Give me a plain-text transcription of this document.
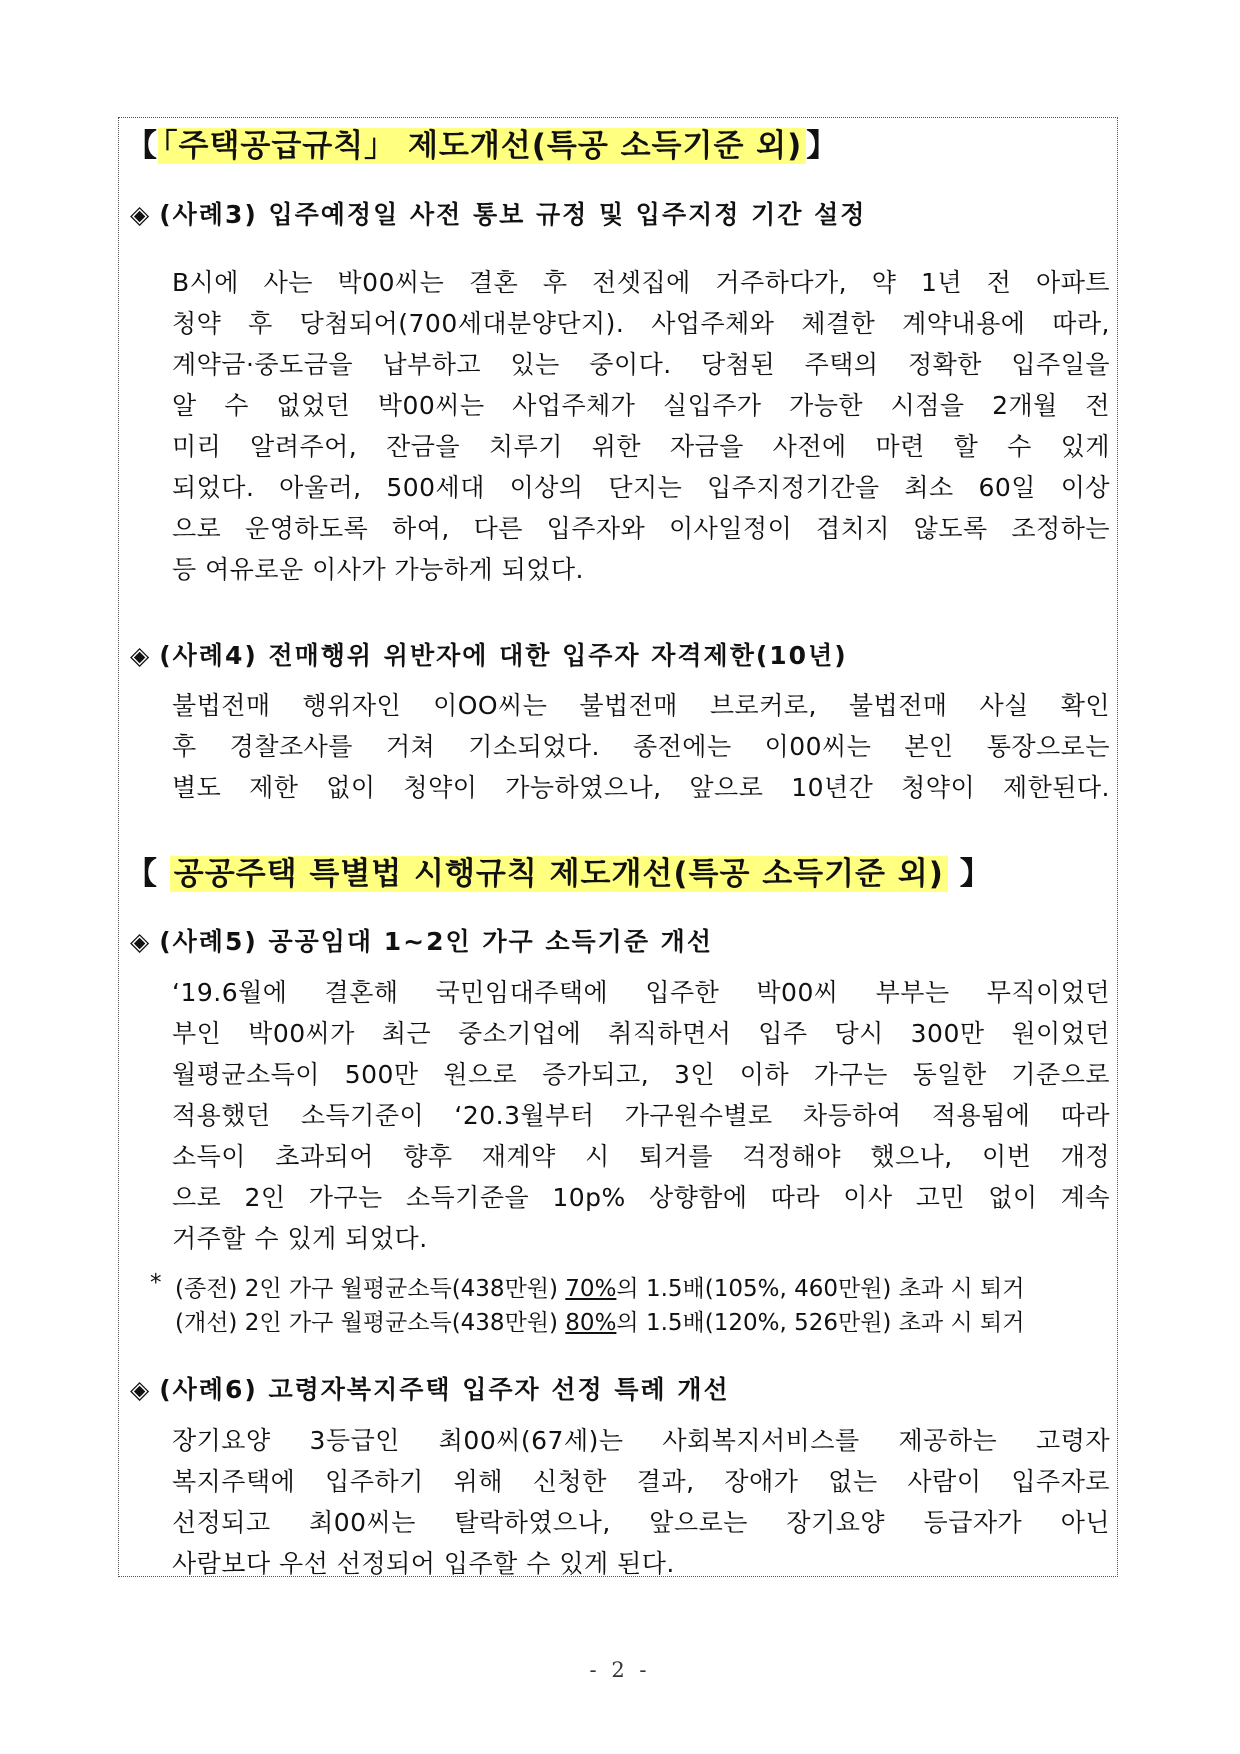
【 「주택공급규칙」 제도개선(특공 소득기준 외) 】
◈ (사례3) 입주예정일 사전 통보 규정 및 입주지정 기간 설정
B시에 사는 박00씨는 결혼 후 전셋집에 거주하다가, 약 1년 전 아파트
청약 후 당첨되어(700세대분양단지). 사업주체와 체결한 계약내용에 따라,
계약금·중도금을 납부하고 있는 중이다. 당첨된 주택의 정확한 입주일을
알 수 없었던 박00씨는 사업주체가 실입주가 가능한 시점을 2개월 전
미리 알려주어, 잔금을 치루기 위한 자금을 사전에 마련 할 수 있게
되었다. 아울러, 500세대 이상의 단지는 입주지정기간을 최소 60일 이상
으로 운영하도록 하여, 다른 입주자와 이사일정이 겹치지 않도록 조정하는
등 여유로운 이사가 가능하게 되었다.
◈ (사례4) 전매행위 위반자에 대한 입주자 자격제한(10년)
불법전매 행위자인 이OO씨는 불법전매 브로커로, 불법전매 사실 확인
후 경찰조사를 거쳐 기소되었다. 종전에는 이00씨는 본인 통장으로는
별도 제한 없이 청약이 가능하였으나, 앞으로 10년간 청약이 제한된다.
【 공공주택 특별법 시행규칙 제도개선(특공 소득기준 외) 】
◈ (사례5) 공공임대 1~2인 가구 소득기준 개선
‘19.6월에 결혼해 국민임대주택에 입주한 박00씨 부부는 무직이었던
부인 박00씨가 최근 중소기업에 취직하면서 입주 당시 300만 원이었던
월평균소득이 500만 원으로 증가되고, 3인 이하 가구는 동일한 기준으로
적용했던 소득기준이 ‘20.3월부터 가구원수별로 차등하여 적용됨에 따라
소득이 초과되어 향후 재계약 시 퇴거를 걱정해야 했으나, 이번 개정
으로 2인 가구는 소득기준을 10p% 상향함에 따라 이사 고민 없이 계속
거주할 수 있게 되었다.
* (종전) 2인 가구 월평균소득(438만원) 70%의 1.5배(105%, 460만원) 초과 시 퇴거
(개선) 2인 가구 월평균소득(438만원) 80%의 1.5배(120%, 526만원) 초과 시 퇴거
◈ (사례6) 고령자복지주택 입주자 선정 특례 개선
장기요양 3등급인 최00씨(67세)는 사회복지서비스를 제공하는 고령자
복지주택에 입주하기 위해 신청한 결과, 장애가 없는 사람이 입주자로
선정되고 최00씨는 탈락하였으나, 앞으로는 장기요양 등급자가 아닌
사람보다 우선 선정되어 입주할 수 있게 된다.
- 2 -
